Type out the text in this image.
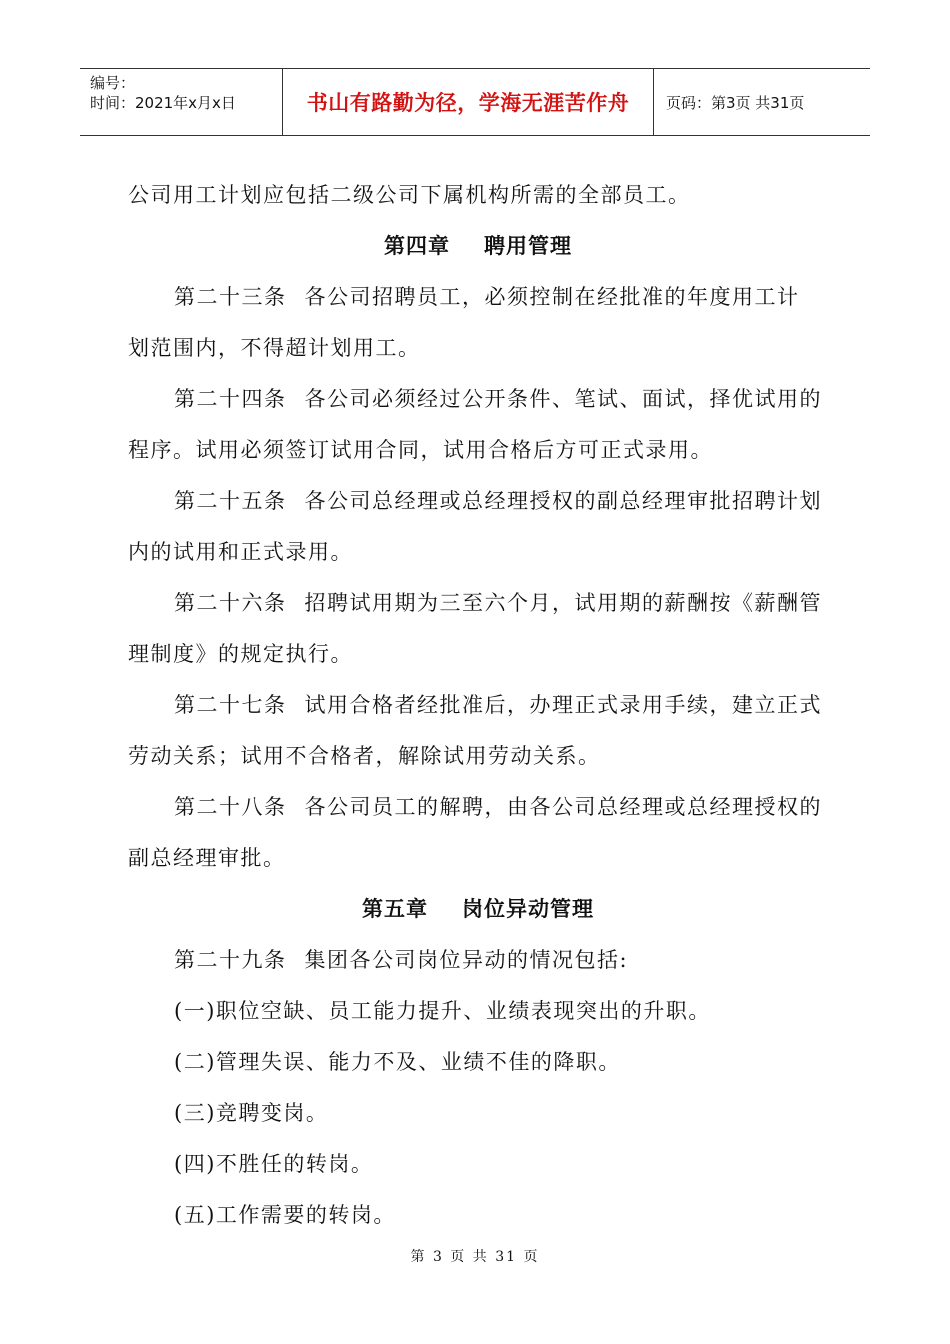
编号：
时间：2021年x月x日	书山有路勤为径，学海无涯苦作舟	页码：第3页 共31页
公司用工计划应包括二级公司下属机构所需的全部员工。
第四章 聘用管理
第二十三条 各公司招聘员工，必须控制在经批准的年度用工计
划范围内，不得超计划用工。
第二十四条 各公司必须经过公开条件、笔试、面试，择优试用的
程序。试用必须签订试用合同，试用合格后方可正式录用。
第二十五条 各公司总经理或总经理授权的副总经理审批招聘计划
内的试用和正式录用。
第二十六条 招聘试用期为三至六个月，试用期的薪酬按《薪酬管
理制度》的规定执行。
第二十七条 试用合格者经批准后，办理正式录用手续，建立正式
劳动关系；试用不合格者，解除试用劳动关系。
第二十八条 各公司员工的解聘，由各公司总经理或总经理授权的
副总经理审批。
第五章 岗位异动管理
第二十九条 集团各公司岗位异动的情况包括:
(一)职位空缺、员工能力提升、业绩表现突出的升职。
(二)管理失误、能力不及、业绩不佳的降职。
(三)竞聘变岗。
(四)不胜任的转岗。
(五)工作需要的转岗。
第 3 页 共 31 页
